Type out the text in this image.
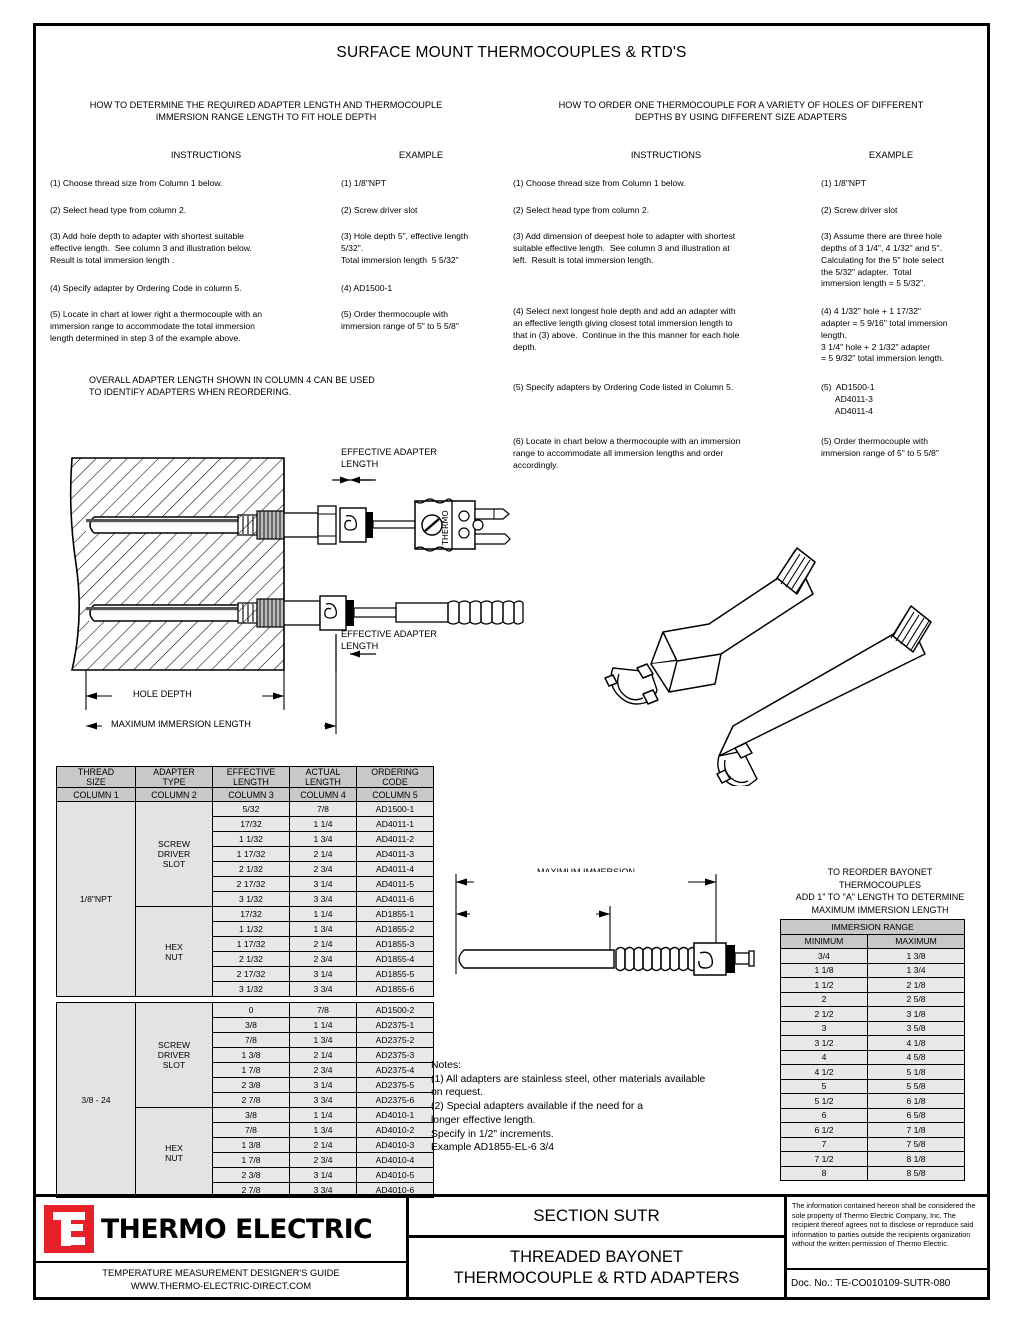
SURFACE MOUNT THERMOCOUPLES & RTD'S
HOW TO DETERMINE THE REQUIRED ADAPTER LENGTH AND THERMOCOUPLE
IMMERSION RANGE LENGTH TO FIT HOLE DEPTH
INSTRUCTIONS	EXAMPLE
(1) Choose thread size from Column 1 below.
(2) Select head type from column 2.
(3) Add hole depth to adapter with shortest suitable
effective length.  See column 3 and illustration below.
Result is total immersion length .
(4) Specify adapter by Ordering Code in column 5.
(5) Locate in chart at lower right a thermocouple with an
immersion range to accommodate the total immersion
length determined in step 3 of the example above.
(1) 1/8"NPT
(2) Screw driver slot
(3) Hole depth 5", effective length
5/32".
Total immersion length  5 5/32"
(4) AD1500-1
(5) Order thermocouple with
immersion range of 5" to 5 5/8"
HOW TO ORDER ONE THERMOCOUPLE FOR A VARIETY OF HOLES OF DIFFERENT
DEPTHS BY USING DIFFERENT SIZE ADAPTERS
INSTRUCTIONS	EXAMPLE
(1) Choose thread size from Column 1 below.
(2) Select head type from column 2.
(3) Add dimension of deepest hole to adapter with shortest
suitable effective length.  See column 3 and illustration at
left.  Result is total immersion length.
(4) Select next longest hole depth and add an adapter with
an effective length giving closest total immersion length to
that in (3) above.  Continue in the this manner for each hole
depth.
(5) Specify adapters by Ordering Code listed in Column 5.
(6) Locate in chart below a thermocouple with an immersion
range to accommodate all immersion lengths and order
accordingly.
(1) 1/8"NPT
(2) Screw driver slot
(3) Assume there are three hole
depths of 3 1/4", 4 1/32" and 5".
Calculating for the 5" hole select
the 5/32" adapter.  Total
immersion length = 5 5/32".
(4) 4 1/32" hole + 1 17/32"
adapter = 5 9/16" total immersion
length.
3 1/4" hole + 2 1/32" adapter
= 5 9/32" total immersion length.
(5)  AD1500-1
AD4011-3
AD4011-4
(5) Order thermocouple with
immersion range of 5" to 5 5/8"
OVERALL ADAPTER LENGTH SHOWN IN COLUMN 4 CAN BE USED
TO IDENTIFY ADAPTERS WHEN REORDERING.
THERMO
EFFECTIVE ADAPTER
LENGTH
EFFECTIVE ADAPTER
LENGTH
HOLE DEPTH
MAXIMUM IMMERSION LENGTH
THREAD
SIZE	ADAPTER
TYPE	EFFECTIVE
LENGTH	ACTUAL
LENGTH	ORDERING
CODE
COLUMN 1	COLUMN 2	COLUMN 3	COLUMN 4	COLUMN 5
1/8"NPT	SCREW
DRIVER
SLOT	5/32	7/8	AD1500-1
		17/32	1 1/4	AD4011-1
		1 1/32	1 3/4	AD4011-2
		1 17/32	2 1/4	AD4011-3
		2 1/32	2 3/4	AD4011-4
		2 17/32	3 1/4	AD4011-5
		3 1/32	3 3/4	AD4011-6
	HEX
NUT	17/32	1 1/4	AD1855-1
		1 1/32	1 3/4	AD1855-2
		1 17/32	2 1/4	AD1855-3
		2 1/32	2 3/4	AD1855-4
		2 17/32	3 1/4	AD1855-5
		3 1/32	3 3/4	AD1855-6

3/8 - 24	SCREW
DRIVER
SLOT	0	7/8	AD1500-2
		3/8	1 1/4	AD2375-1
		7/8	1 3/4	AD2375-2
		1 3/8	2 1/4	AD2375-3
		1 7/8	2 3/4	AD2375-4
		2 3/8	3 1/4	AD2375-5
		2 7/8	3 3/4	AD2375-6
	HEX
NUT	3/8	1 1/4	AD4010-1
		7/8	1 3/4	AD4010-2
		1 3/8	2 1/4	AD4010-3
		1 7/8	2 3/4	AD4010-4
		2 3/8	3 1/4	AD4010-5
		2 7/8	3 3/4	AD4010-6

TO REORDER BAYONET
THERMOCOUPLES
ADD 1" TO "A" LENGTH TO DETERMINE
MAXIMUM IMMERSION LENGTH
IMMERSION RANGE	
MINIMUM	MAXIMUM
3/4	1 3/8
1 1/8	1 3/4
1 1/2	2 1/8
2	2 5/8
2 1/2	3 1/8
3	3 5/8
3 1/2	4 1/8
4	4 5/8
4 1/2	5 1/8
5	5 5/8
5 1/2	6 1/8
6	6 5/8
6 1/2	7 1/8
7	7 5/8
7 1/2	8 1/8
8	8 5/8
Notes:
(1) All adapters are stainless steel, other materials available
on request.
(2) Special adapters available if the need for a
longer effective length.
Specify in 1/2" increments.
Example AD1855-EL-6 3/4
THERMO ELECTRIC
TEMPERATURE MEASUREMENT DESIGNER'S GUIDE
WWW.THERMO-ELECTRIC-DIRECT.COM
SECTION SUTR
THREADED BAYONET
THERMOCOUPLE & RTD ADAPTERS
The information contained hereon shall be considered the sole property of Thermo Electric Company, Inc. The recipient thereof agrees not to disclose or reproduce said information to parties outside the recipients organization without the written permission of Thermo Electric.
Doc. No.: TE-CO010109-SUTR-080
